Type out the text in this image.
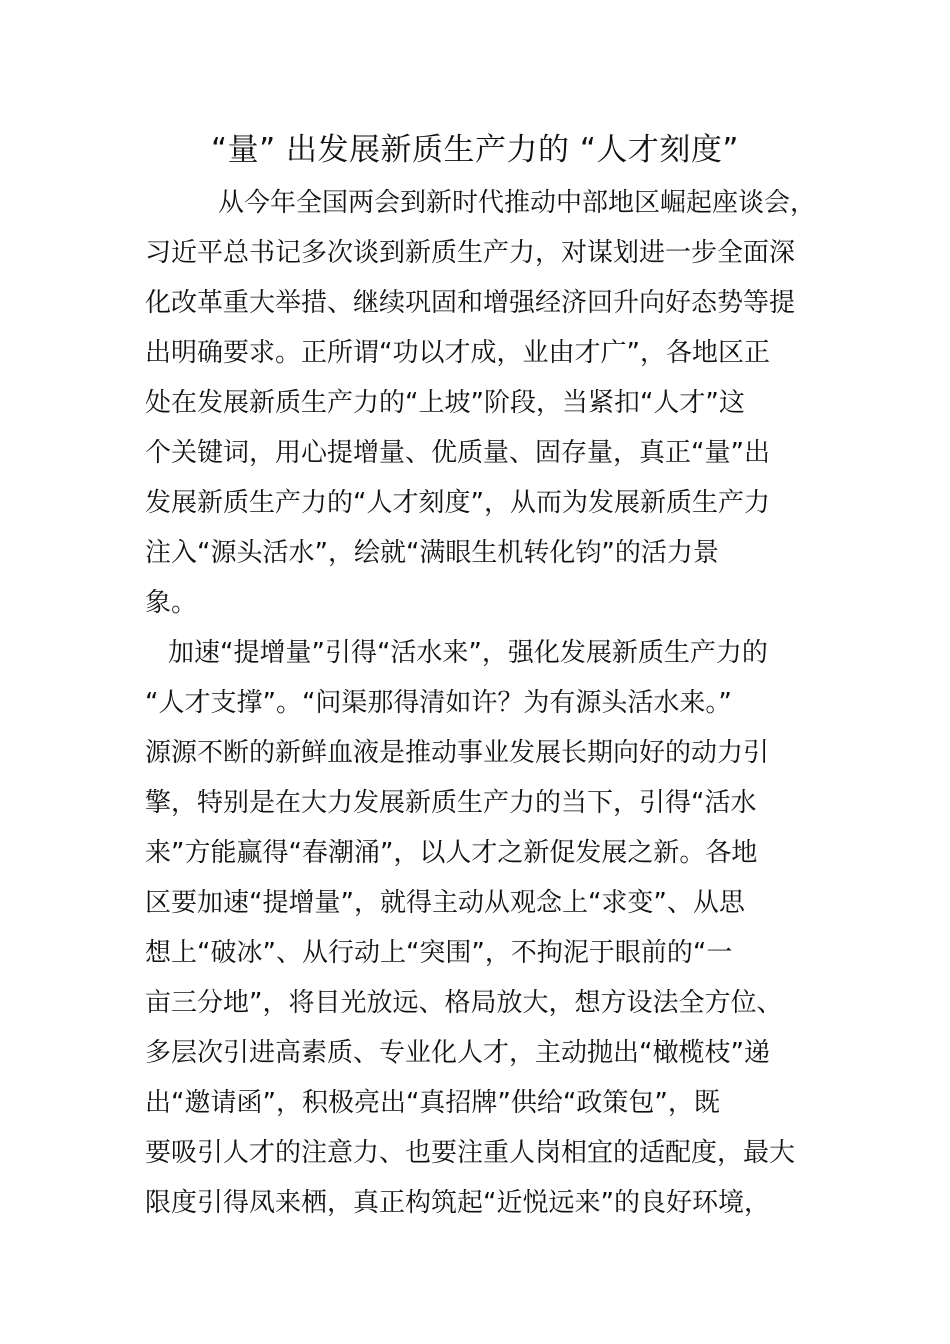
“量” 出发展新质生产力的 “人才刻度”
从今年全国两会到新时代推动中部地区崛起座谈会，
习近平总书记多次谈到新质生产力，对谋划进一步全面深
化改革重大举措、继续巩固和增强经济回升向好态势等提
出明确要求。正所谓“功以才成，业由才广”，各地区正
处在发展新质生产力的“上坡”阶段，当紧扣“人才”这
个关键词，用心提增量、优质量、固存量，真正“量”出
发展新质生产力的“人才刻度”，从而为发展新质生产力
注入“源头活水”，绘就“满眼生机转化钧”的活力景
象。
加速“提增量”引得“活水来”，强化发展新质生产力的
“人才支撑”。“问渠那得清如许？为有源头活水来。”
源源不断的新鲜血液是推动事业发展长期向好的动力引
擎，特别是在大力发展新质生产力的当下，引得“活水
来”方能赢得“春潮涌”，以人才之新促发展之新。各地
区要加速“提增量”，就得主动从观念上“求变”、从思
想上“破冰”、从行动上“突围”，不拘泥于眼前的“一
亩三分地”，将目光放远、格局放大，想方设法全方位、
多层次引进高素质、专业化人才，主动抛出“橄榄枝”递
出“邀请函”，积极亮出“真招牌”供给“政策包”，既
要吸引人才的注意力、也要注重人岗相宜的适配度，最大
限度引得凤来栖，真正构筑起“近悦远来”的良好环境，
